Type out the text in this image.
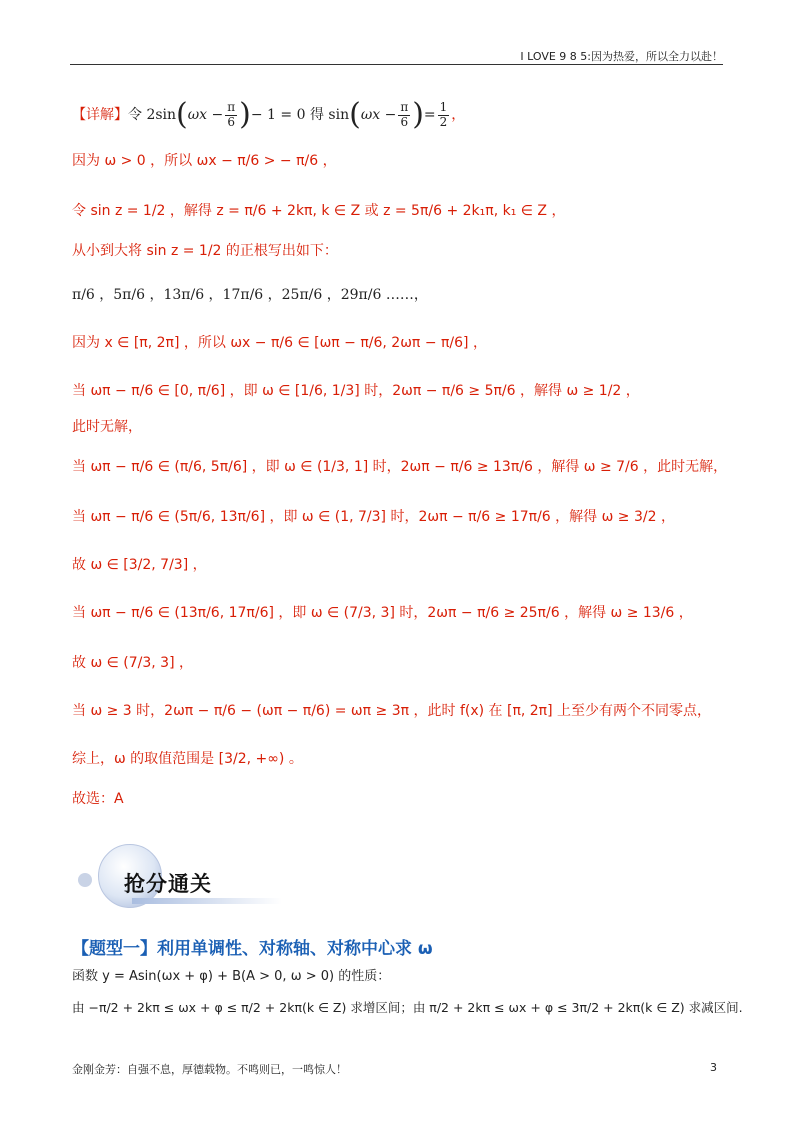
I LOVE 9 8 5:因为热爱，所以全力以赴！
【详解】令 $2\sin(\omega x - \frac{\pi}{6}$ )− 1 = 0 得 $\sin(\omega x - \frac{\pi}{6}$ )= $\frac{1}{2}$ ，
因为 ω > 0 ，所以 ωx − π/6 > − π/6 ，
令 sin z = 1/2 ，解得 z = π/6 + 2kπ, k ∈ Z 或 z = 5π/6 + 2k₁π, k₁ ∈ Z ，
从小到大将 sin z = 1/2 的正根写出如下：
π/6 ，5π/6 ，13π/6 ，17π/6 ，25π/6 ，29π/6 ……，
因为 x ∈ [π, 2π] ，所以 ωx − π/6 ∈ [ωπ − π/6, 2ωπ − π/6] ，
当 ωπ − π/6 ∈ [0, π/6] ，即 ω ∈ [1/6, 1/3] 时，2ωπ − π/6 ≥ 5π/6 ，解得 ω ≥ 1/2 ，
此时无解，
当 ωπ − π/6 ∈ (π/6, 5π/6] ，即 ω ∈ (1/3, 1] 时，2ωπ − π/6 ≥ 13π/6 ，解得 ω ≥ 7/6 ，此时无解，
当 ωπ − π/6 ∈ (5π/6, 13π/6] ，即 ω ∈ (1, 7/3] 时，2ωπ − π/6 ≥ 17π/6 ，解得 ω ≥ 3/2 ，
故 ω ∈ [3/2, 7/3] ，
当 ωπ − π/6 ∈ (13π/6, 17π/6] ，即 ω ∈ (7/3, 3] 时，2ωπ − π/6 ≥ 25π/6 ，解得 ω ≥ 13/6 ，
故 ω ∈ (7/3, 3] ，
当 ω ≥ 3 时，2ωπ − π/6 − (ωπ − π/6) = ωπ ≥ 3π ，此时 f(x) 在 [π, 2π] 上至少有两个不同零点，
综上，ω 的取值范围是 [3/2, +∞) 。
故选：A
抢分通关
【题型一】利用单调性、对称轴、对称中心求 ω
函数 y = Asin(ωx + φ) + B(A > 0, ω > 0) 的性质：
由 −π/2 + 2kπ ≤ ωx + φ ≤ π/2 + 2kπ(k ∈ Z) 求增区间；由 π/2 + 2kπ ≤ ωx + φ ≤ 3π/2 + 2kπ(k ∈ Z) 求减区间.
金刚金芳：自强不息，厚德载物。不鸣则已，一鸣惊人！	3
